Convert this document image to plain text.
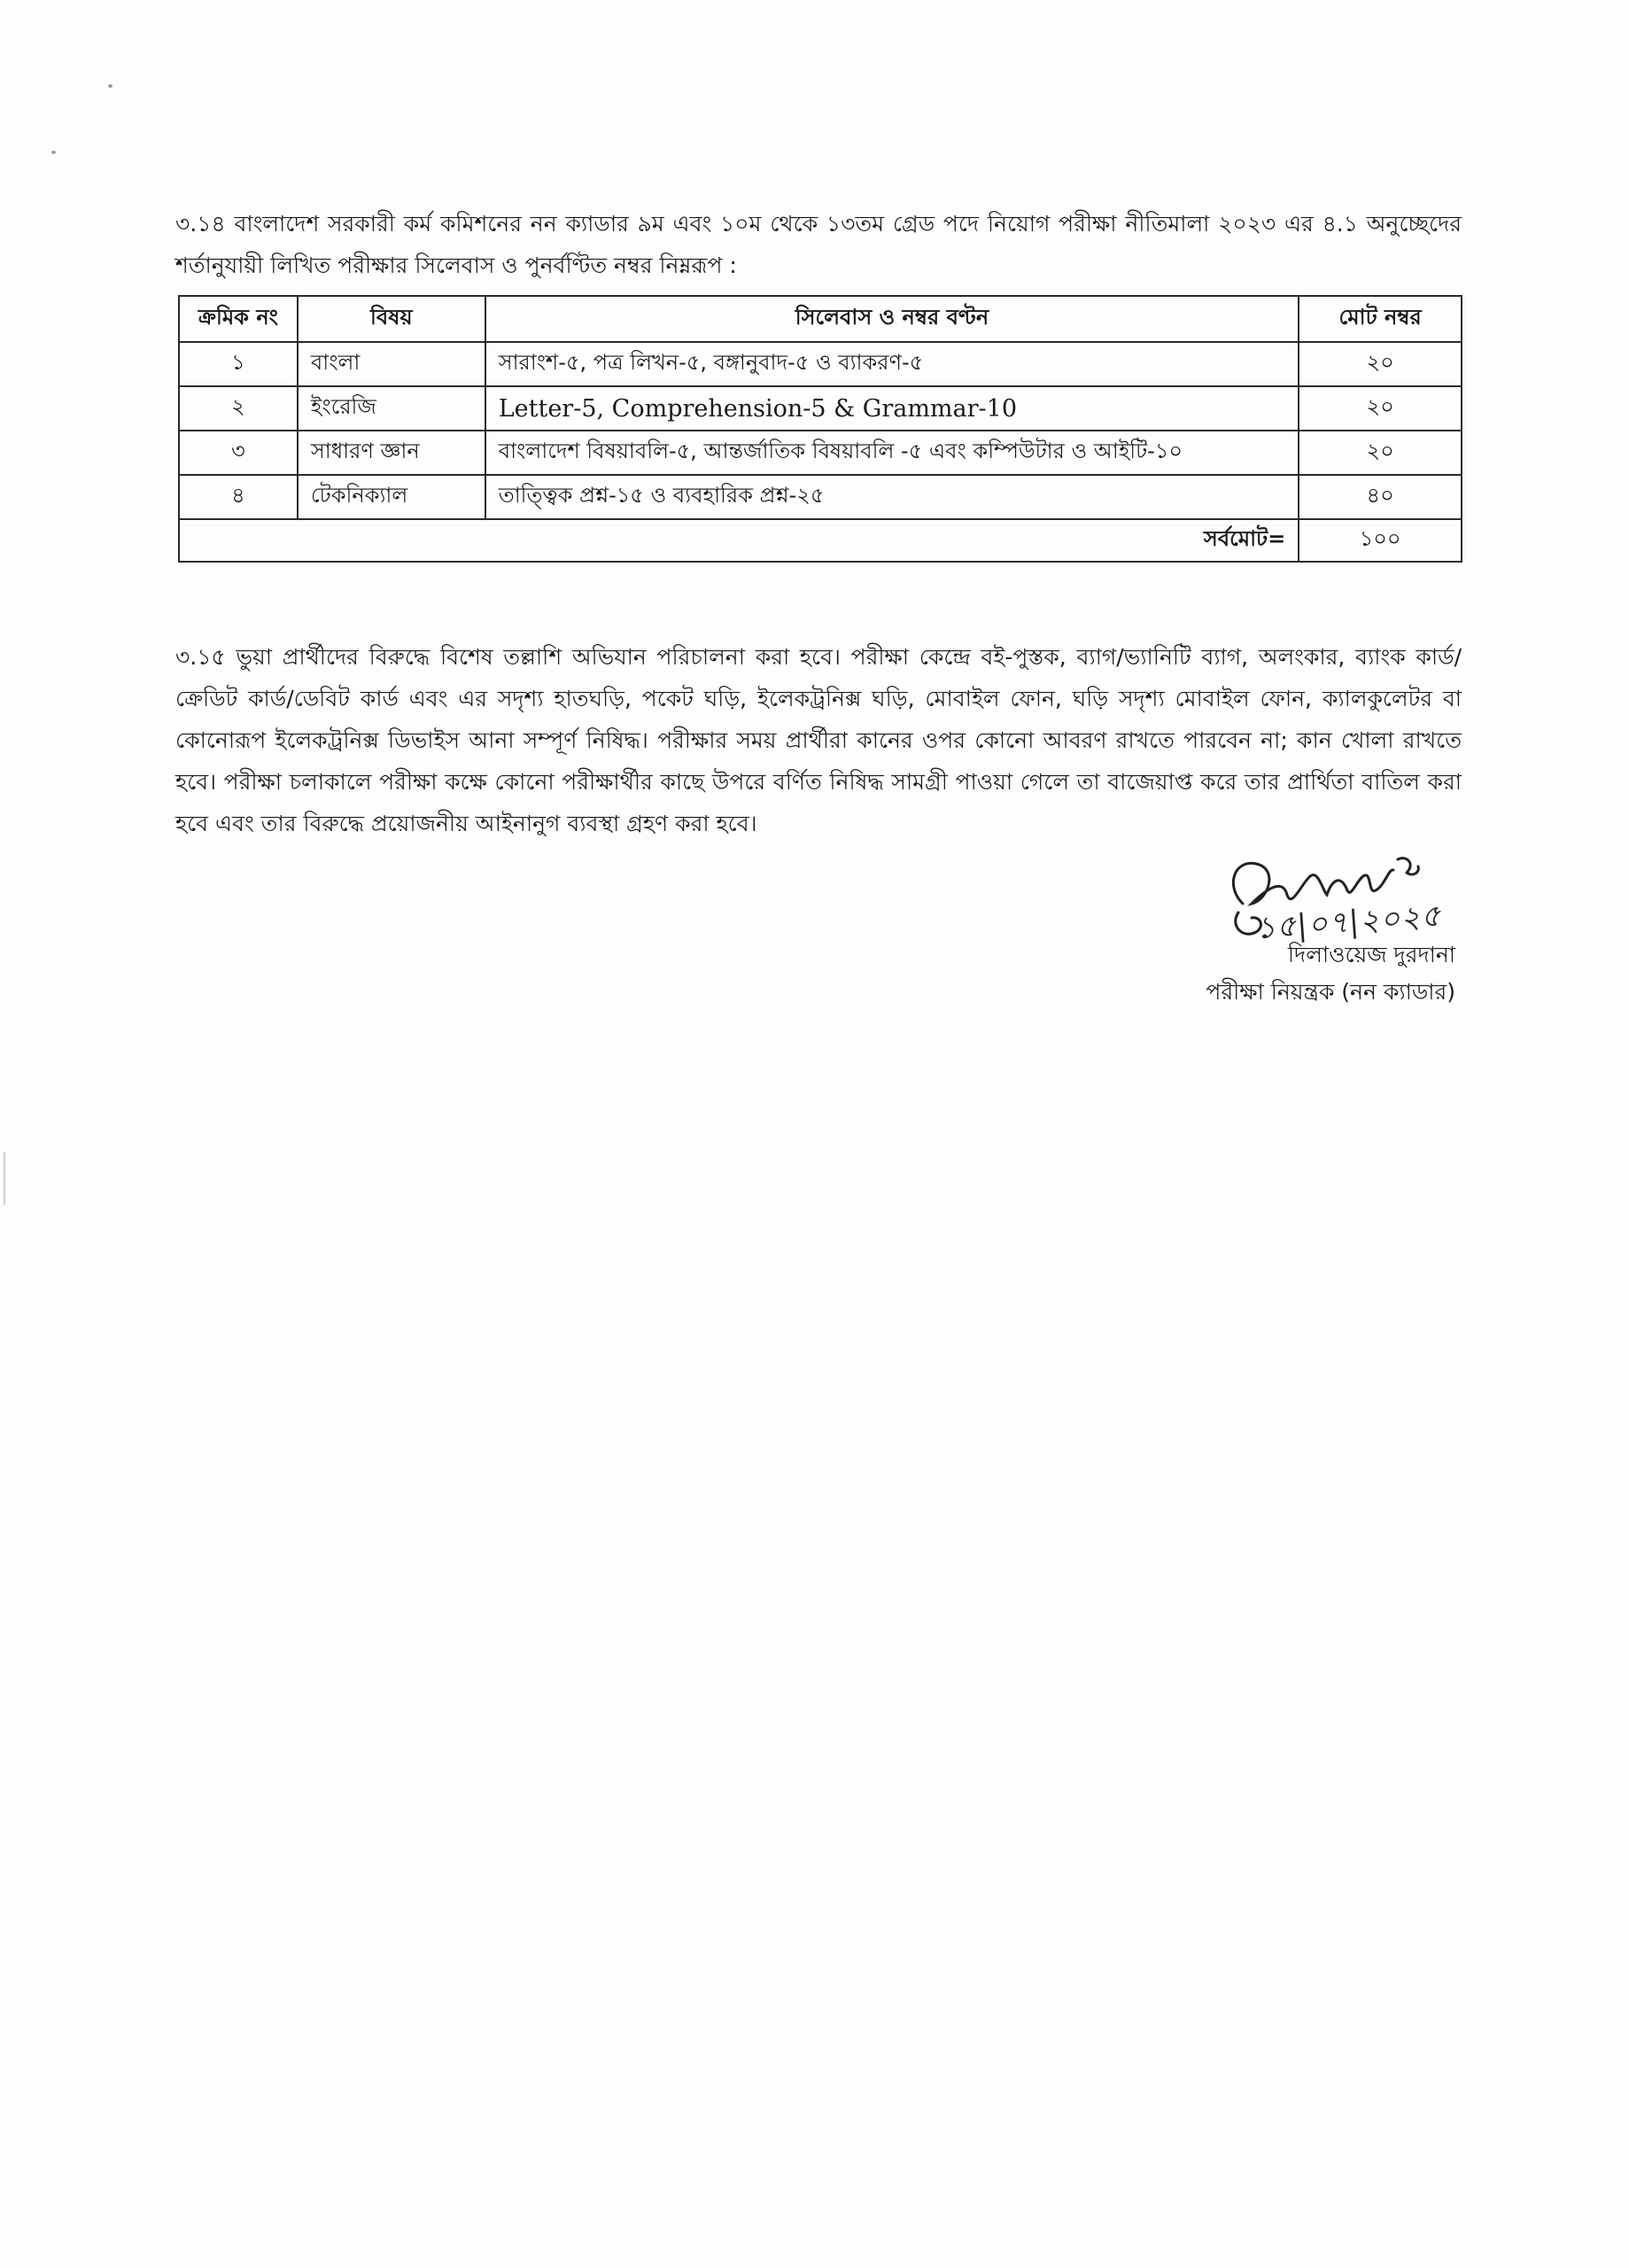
৩.১৪ বাংলাদেশ সরকারী কর্ম কমিশনের নন ক্যাডার ৯ম এবং ১০ম থেকে ১৩তম গ্রেড পদে নিয়োগ পরীক্ষা নীতিমালা ২০২৩ এর ৪.১ অনুচ্ছেদের শর্তানুযায়ী লিখিত পরীক্ষার সিলেবাস ও পুনর্বণ্টিত নম্বর নিম্নরূপ :

ক্রমিক নং	বিষয়	সিলেবাস ও নম্বর বণ্টন	মোট নম্বর
১	বাংলা	সারাংশ-৫, পত্র লিখন-৫, বঙ্গানুবাদ-৫ ও ব্যাকরণ-৫	২০
২	ইংরেজি	Letter-5, Comprehension-5 & Grammar-10	২০
৩	সাধারণ জ্ঞান	বাংলাদেশ বিষয়াবলি-৫, আন্তর্জাতিক বিষয়াবলি -৫ এবং কম্পিউটার ও আইটি-১০	২০
৪	টেকনিক্যাল	তাত্ত্বিক প্রশ্ন-১৫ ও ব্যবহারিক প্রশ্ন-২৫	৪০
সর্বমোট=			১০০

৩.১৫ ভুয়া প্রার্থীদের বিরুদ্ধে বিশেষ তল্লাশি অভিযান পরিচালনা করা হবে। পরীক্ষা কেন্দ্রে বই-পুস্তক, ব্যাগ/ভ্যানিটি ব্যাগ, অলংকার, ব্যাংক কার্ড/ক্রেডিট কার্ড/ডেবিট কার্ড এবং এর সদৃশ্য হাতঘড়ি, পকেট ঘড়ি, ইলেকট্রনিক্স ঘড়ি, মোবাইল ফোন, ঘড়ি সদৃশ্য মোবাইল ফোন, ক্যালকুলেটর বা কোনোরূপ ইলেকট্রনিক্স ডিভাইস আনা সম্পূর্ণ নিষিদ্ধ। পরীক্ষার সময় প্রার্থীরা কানের ওপর কোনো আবরণ রাখতে পারবেন না; কান খোলা রাখতে হবে। পরীক্ষা চলাকালে পরীক্ষা কক্ষে কোনো পরীক্ষার্থীর কাছে উপরে বর্ণিত নিষিদ্ধ সামগ্রী পাওয়া গেলে তা বাজেয়াপ্ত করে তার প্রার্থিতা বাতিল করা হবে এবং তার বিরুদ্ধে প্রয়োজনীয় আইনানুগ ব্যবস্থা গ্রহণ করা হবে।

১৫|০৭|২০২৫
দিলাওয়েজ দুরদানা
পরীক্ষা নিয়ন্ত্রক (নন ক্যাডার)
